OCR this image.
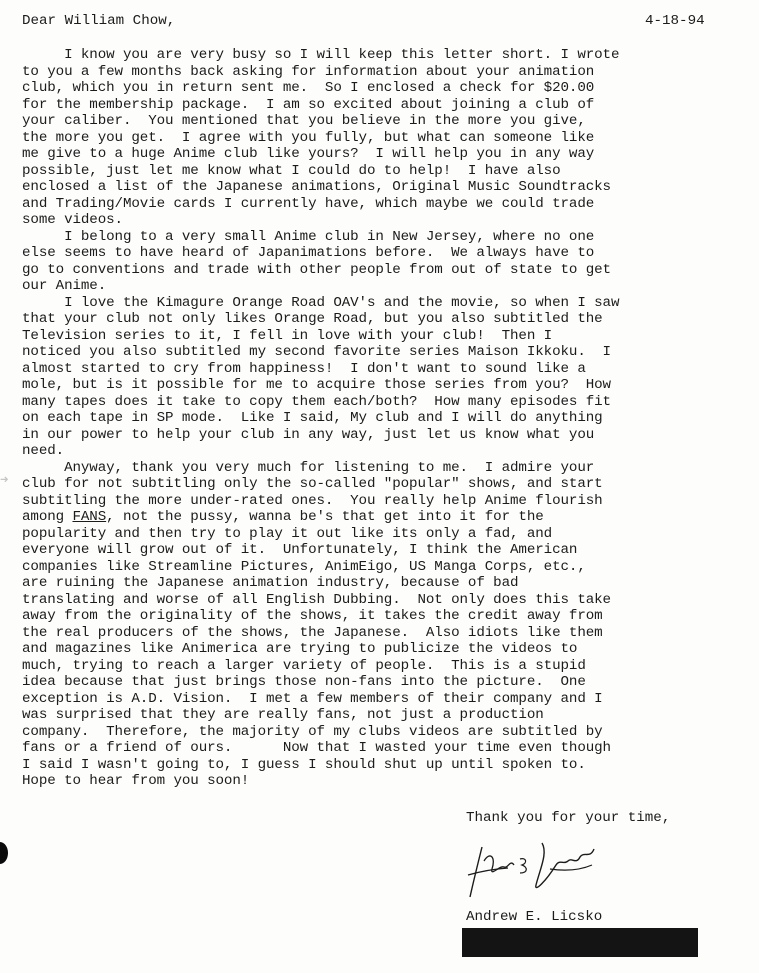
Dear William Chow,	4-18-94
I know you are very busy so I will keep this letter short. I wrote
to you a few months back asking for information about your animation
club, which you in return sent me.  So I enclosed a check for $20.00
for the membership package.  I am so excited about joining a club of
your caliber.  You mentioned that you believe in the more you give,
the more you get.  I agree with you fully, but what can someone like
me give to a huge Anime club like yours?  I will help you in any way
possible, just let me know what I could do to help!  I have also
enclosed a list of the Japanese animations, Original Music Soundtracks
and Trading/Movie cards I currently have, which maybe we could trade
some videos.
I belong to a very small Anime club in New Jersey, where no one
else seems to have heard of Japanimations before.  We always have to
go to conventions and trade with other people from out of state to get
our Anime.
I love the Kimagure Orange Road OAV's and the movie, so when I saw
that your club not only likes Orange Road, but you also subtitled the
Television series to it, I fell in love with your club!  Then I
noticed you also subtitled my second favorite series Maison Ikkoku.  I
almost started to cry from happiness!  I don't want to sound like a
mole, but is it possible for me to acquire those series from you?  How
many tapes does it take to copy them each/both?  How many episodes fit
on each tape in SP mode.  Like I said, My club and I will do anything
in our power to help your club in any way, just let us know what you
need.
Anyway, thank you very much for listening to me.  I admire your
club for not subtitling only the so-called "popular" shows, and start
subtitling the more under-rated ones.  You really help Anime flourish
among FANS, not the pussy, wanna be's that get into it for the
popularity and then try to play it out like its only a fad, and
everyone will grow out of it.  Unfortunately, I think the American
companies like Streamline Pictures, AnimEigo, US Manga Corps, etc.,
are ruining the Japanese animation industry, because of bad
translating and worse of all English Dubbing.  Not only does this take
away from the originality of the shows, it takes the credit away from
the real producers of the shows, the Japanese.  Also idiots like them
and magazines like Animerica are trying to publicize the videos to
much, trying to reach a larger variety of people.  This is a stupid
idea because that just brings those non-fans into the picture.  One
exception is A.D. Vision.  I met a few members of their company and I
was surprised that they are really fans, not just a production
company.  Therefore, the majority of my clubs videos are subtitled by
fans or a friend of ours.      Now that I wasted your time even though
I said I wasn't going to, I guess I should shut up until spoken to.
Hope to hear from you soon!
Thank you for your time,
Andrew E. Licsko
➜
